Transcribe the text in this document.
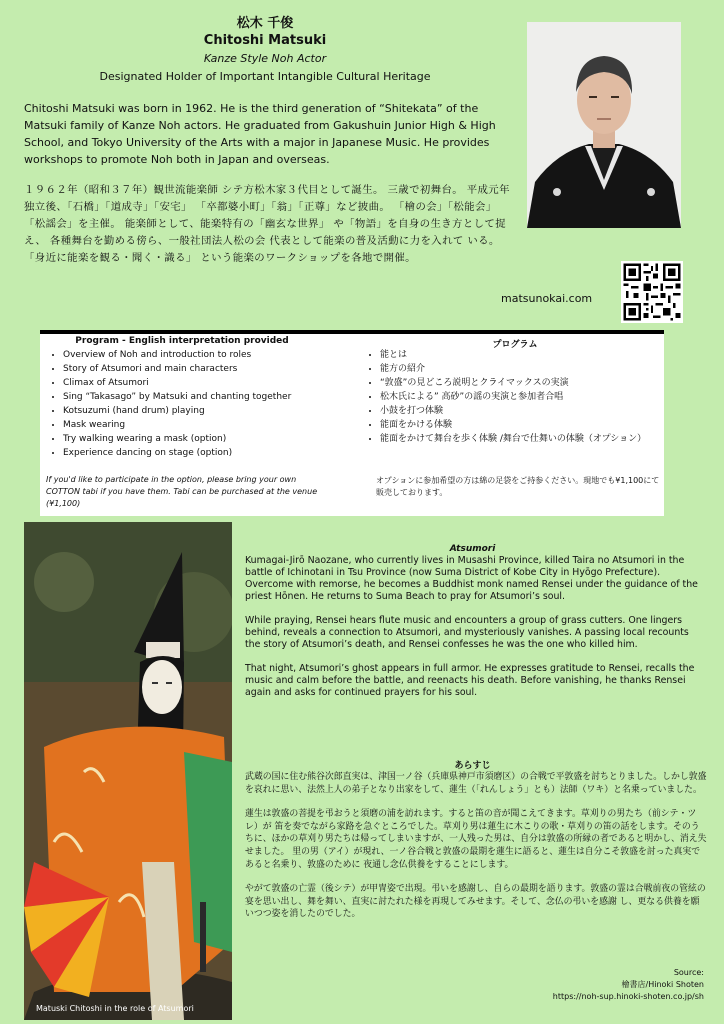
松木 千俊
Chitoshi Matsuki
Kanze Style Noh Actor
Designated Holder of Important Intangible Cultural Heritage
Chitoshi Matsuki was born in 1962. He is the third generation of “Shitekata” of the Matsuki family of Kanze Noh actors. He graduated from Gakushuin Junior High & High School, and Tokyo University of the Arts with a major in Japanese Music. He provides workshops to promote Noh both in Japan and overseas.
１９６２年（昭和３７年）観世流能楽師 シテ方松木家３代目として誕生。 三歳で初舞台。 平成元年独立後、「石橋」「道成寺」「安宅」 「卒都婆小町」「翁」「正尊」など披曲。 「檜の会」「松能会」「松謡会」を主催。 能楽師として、能楽特有の「幽玄な世界」 や「物語」を自身の生き方として捉え、 各種舞台を勤める傍ら、一般社団法人松の会 代表として能楽の普及活動に力を入れて いる。「身近に能楽を観る・聞く・識る」 という能楽のワークショップを各地で開催。
matsunokai.com
Program - English interpretation provided
• Overview of Noh and introduction to roles
• Story of Atsumori and main characters
• Climax of Atsumori
• Sing “Takasago” by Matsuki and chanting together
• Kotsuzumi (hand drum) playing
• Mask wearing
• Try walking wearing a mask (option)
• Experience dancing on stage (option)
If you'd like to participate in the option, please bring your own COTTON tabi if you have them. Tabi can be purchased at the venue (¥1,100)
プログラム
• 能とは
• 能方の紹介
• “敦盛”の見どころ説明とクライマックスの実演
• 松木氏による” 高砂”の謡の実演と参加者合唱
• 小鼓を打つ体験
• 能面をかける体験
• 能面をかけて舞台を歩く体験 /舞台で仕舞いの体験（オプション）
オプションに参加希望の方は綿の足袋をご持参ください。現地でも¥1,100にて販売しております。
Matuski Chitoshi in the role of Atsumori
Atsumori

Kumagai-Jirō Naozane, who currently lives in Musashi Province, killed Taira no Atsumori in the battle of Ichinotani in Tsu Province (now Suma District of Kobe City in Hyōgo Prefecture). Overcome with remorse, he becomes a Buddhist monk named Rensei under the guidance of the priest Hōnen. He returns to Suma Beach to pray for Atsumori’s soul.

While praying, Rensei hears flute music and encounters a group of grass cutters. One lingers behind, reveals a connection to Atsumori, and mysteriously vanishes. A passing local recounts the story of Atsumori’s death, and Rensei confesses he was the one who killed him.

That night, Atsumori’s ghost appears in full armor. He expresses gratitude to Rensei, recalls the music and calm before the battle, and reenacts his death. Before vanishing, he thanks Rensei again and asks for continued prayers for his soul.

あらすじ

武蔵の国に住む熊谷次郎直実は、津国一ノ谷（兵庫県神戸市須磨区）の合戦で平敦盛を討ちとりました。しかし敦盛を哀れに思い、法然上人の弟子となり出家をして、蓮生（「れんしょう」とも）法師（ワキ）と名乗っていました。

蓮生は敦盛の菩提を弔おうと須磨の浦を訪れます。すると笛の音が聞こえてきます。草刈りの男たち（前シテ・ツレ）が 笛を奏でながら家路を急ぐところでした。草刈り男は蓮生に木こりの歌・草刈りの笛の話をします。そのうちに、ほかの草刈り男たちは帰ってしまいますが、一人残った男は、自分は敦盛の所縁の者であると明かし、消え失せました。 里の男（アイ）が現れ、一ノ谷合戦と敦盛の最期を蓮生に語ると、蓮生は自分こそ敦盛を討った真実であると名乗り、敦盛のために 夜通し念仏供養をすることにします。

やがて敦盛の亡霊（後シテ）が甲冑姿で出現。弔いを感謝し、自らの最期を語ります。敦盛の霊は合戦前夜の管絃の宴を思い出し、舞を舞い、直実に討たれた様を再現してみせます。そして、念仏の弔いを感謝 し、更なる供養を願いつつ姿を消したのでした。

Source:
檜書店/Hinoki Shoten
https://noh-sup.hinoki-shoten.co.jp/sh
